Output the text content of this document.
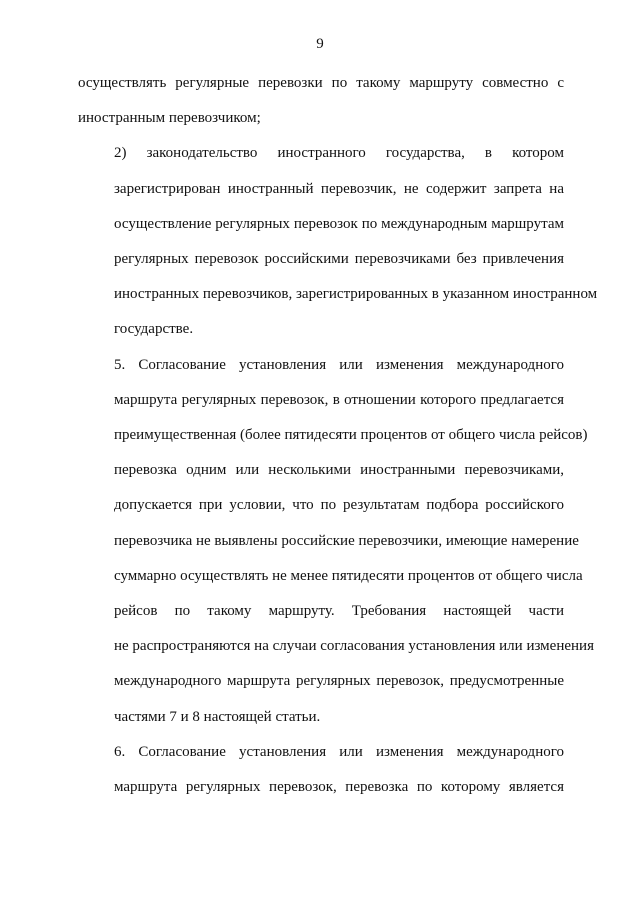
9

осуществлять регулярные перевозки по такому маршруту совместно с
иностранным перевозчиком;

2) законодательство иностранного государства, в котором
зарегистрирован иностранный перевозчик, не содержит запрета на
осуществление регулярных перевозок по международным маршрутам
регулярных перевозок российскими перевозчиками без привлечения
иностранных перевозчиков, зарегистрированных в указанном иностранном
государстве.

5. Согласование установления или изменения международного
маршрута регулярных перевозок, в отношении которого предлагается
преимущественная (более пятидесяти процентов от общего числа рейсов)
перевозка одним или несколькими иностранными перевозчиками,
допускается при условии, что по результатам подбора российского
перевозчика не выявлены российские перевозчики, имеющие намерение
суммарно осуществлять не менее пятидесяти процентов от общего числа
рейсов по такому маршруту. Требования настоящей части
не распространяются на случаи согласования установления или изменения
международного маршрута регулярных перевозок, предусмотренные
частями 7 и 8 настоящей статьи.

6. Согласование установления или изменения международного
маршрута регулярных перевозок, перевозка по которому является
